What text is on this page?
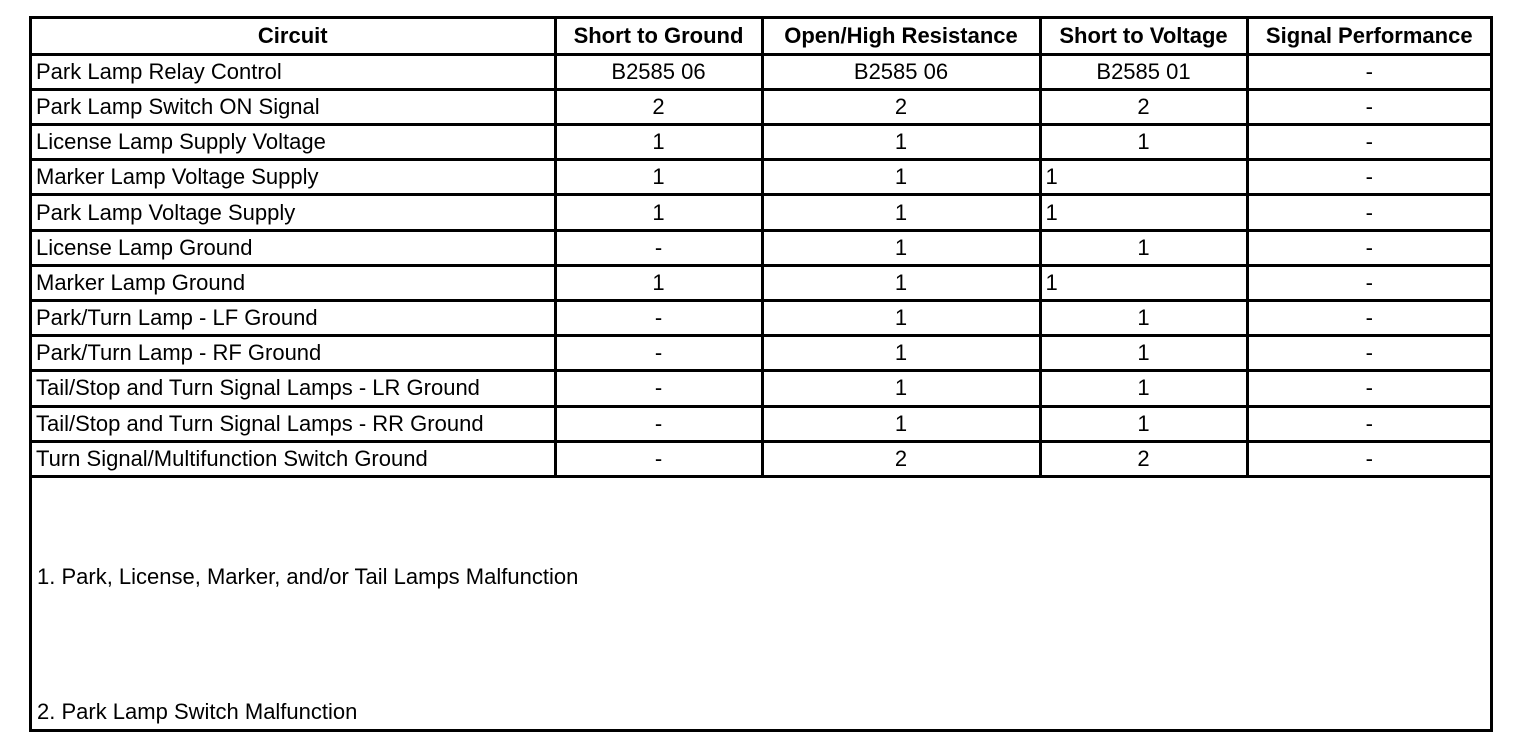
Circuit	Short to Ground	Open/High Resistance	Short to Voltage	Signal Performance
Park Lamp Relay Control	B2585 06	B2585 06	B2585 01	-
Park Lamp Switch ON Signal	2	2	2	-
License Lamp Supply Voltage	1	1	1	-
Marker Lamp Voltage Supply	1	1	1	-
Park Lamp Voltage Supply	1	1	1	-
License Lamp Ground	-	1	1	-
Marker Lamp Ground	1	1	1	-
Park/Turn Lamp - LF Ground	-	1	1	-
Park/Turn Lamp - RF Ground	-	1	1	-
Tail/Stop and Turn Signal Lamps - LR Ground	-	1	1	-
Tail/Stop and Turn Signal Lamps - RR Ground	-	1	1	-
Turn Signal/Multifunction Switch Ground	-	2	2	-
1. Park, License, Marker, and/or Tail Lamps Malfunction
2. Park Lamp Switch Malfunction
